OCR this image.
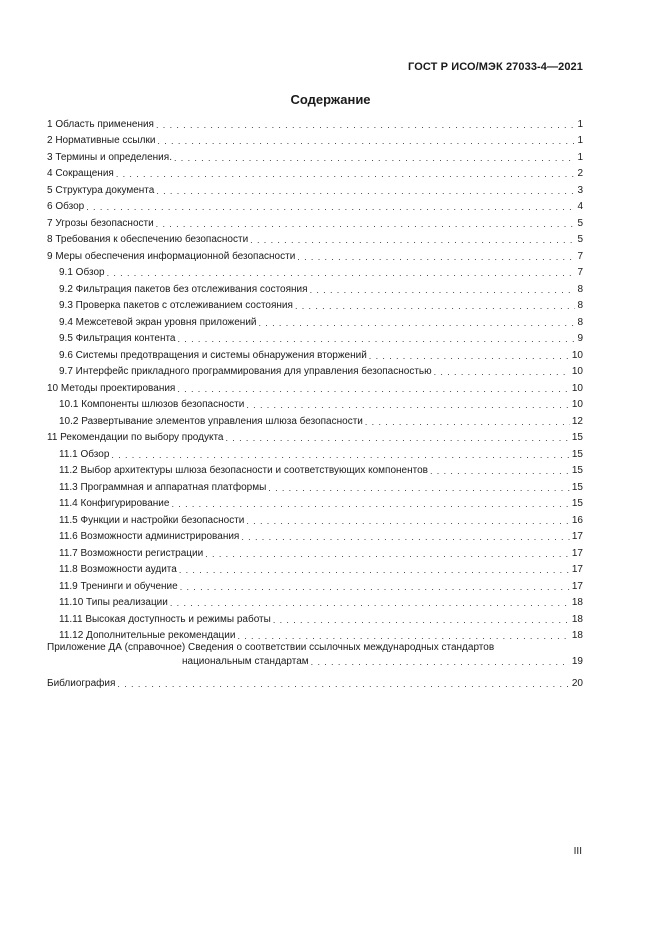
ГОСТ Р ИСО/МЭК 27033-4—2021
Содержание
1 Область применения . . .	1
2 Нормативные ссылки . . .	1
3 Термины и определения. . . .	1
4 Сокращения . . .	2
5 Структура документа . . .	3
6 Обзор . . .	4
7 Угрозы безопасности . . .	5
8 Требования к обеспечению безопасности . . .	5
9 Меры обеспечения информационной безопасности . . .	7
9.1 Обзор . . .	7
9.2 Фильтрация пакетов без отслеживания состояния . . .	8
9.3 Проверка пакетов с отслеживанием состояния . . .	8
9.4 Межсетевой экран уровня приложений . . .	8
9.5 Фильтрация контента . . .	9
9.6 Системы предотвращения и системы обнаружения вторжений . . .	10
9.7 Интерфейс прикладного программирования для управления безопасностью . . .	10
10 Методы проектирования . . .	10
10.1 Компоненты шлюзов безопасности . . .	10
10.2 Развертывание элементов управления шлюза безопасности . . .	12
11 Рекомендации по выбору продукта . . .	15
11.1 Обзор . . .	15
11.2 Выбор архитектуры шлюза безопасности и соответствующих компонентов . . .	15
11.3 Программная и аппаратная платформы . . .	15
11.4 Конфигурирование . . .	15
11.5 Функции и настройки безопасности . . .	16
11.6 Возможности администрирования . . .	17
11.7 Возможности регистрации . . .	17
11.8 Возможности аудита . . .	17
11.9 Тренинги и обучение . . .	17
11.10 Типы реализации . . .	18
11.11 Высокая доступность и режимы работы . . .	18
11.12 Дополнительные рекомендации . . .	18
Приложение ДА (справочное) Сведения о соответствии ссылочных международных стандартов
национальным стандартам . . .	19
Библиография . . .	20
III
